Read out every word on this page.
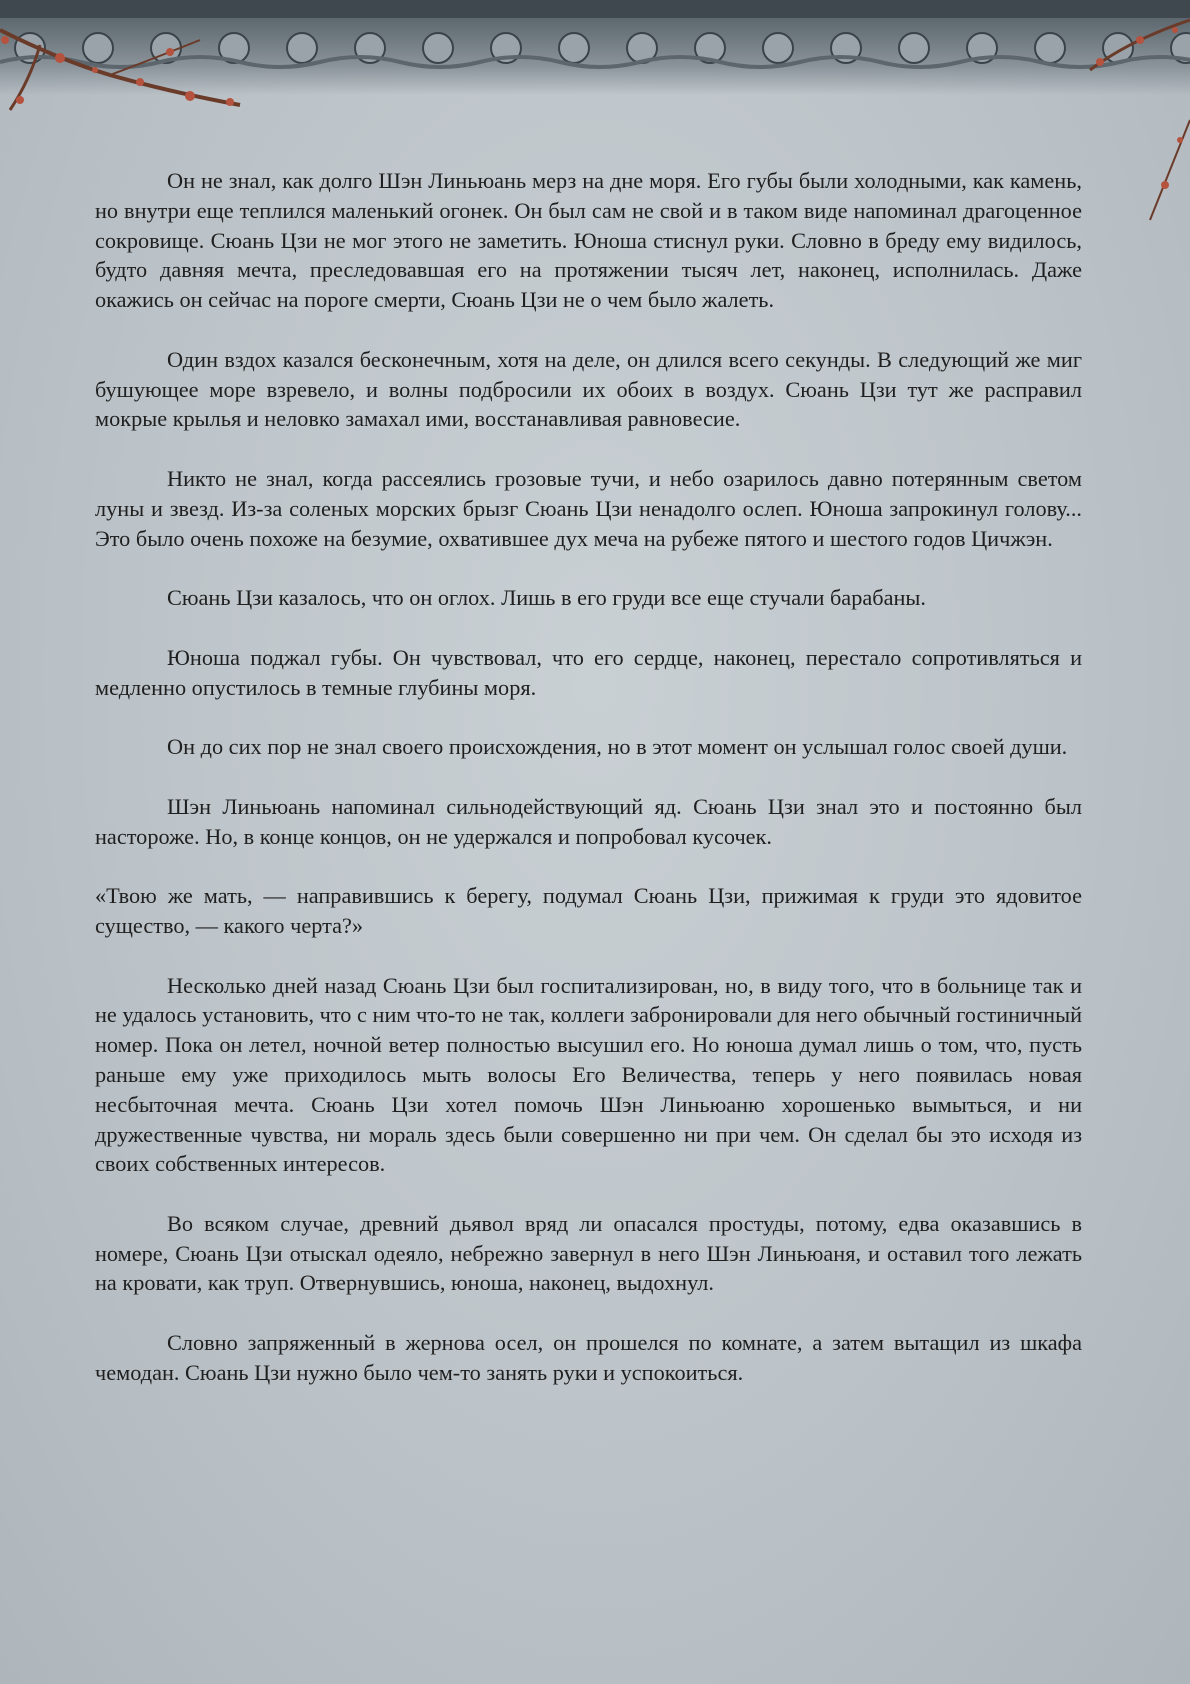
Он не знал, как долго Шэн Линьюань мерз на дне моря. Его губы были холодными, как камень, но внутри еще теплился маленький огонек. Он был сам не свой и в таком виде напоминал драгоценное сокровище. Сюань Цзи не мог этого не заметить. Юноша стиснул руки. Словно в бреду ему видилось, будто давняя мечта, преследовавшая его на протяжении тысяч лет, наконец, исполнилась. Даже окажись он сейчас на пороге смерти, Сюань Цзи не о чем было жалеть.

Один вздох казался бесконечным, хотя на деле, он длился всего секунды. В следующий же миг бушующее море взревело, и волны подбросили их обоих в воздух. Сюань Цзи тут же расправил мокрые крылья и неловко замахал ими, восстанавливая равновесие.

Никто не знал, когда рассеялись грозовые тучи, и небо озарилось давно потерянным светом луны и звезд. Из-за соленых морских брызг Сюань Цзи ненадолго ослеп. Юноша запрокинул голову... Это было очень похоже на безумие, охватившее дух меча на рубеже пятого и шестого годов Цичжэн.

Сюань Цзи казалось, что он оглох. Лишь в его груди все еще стучали барабаны.

Юноша поджал губы. Он чувствовал, что его сердце, наконец, перестало сопротивляться и медленно опустилось в темные глубины моря.

Он до сих пор не знал своего происхождения, но в этот момент он услышал голос своей души.

Шэн Линьюань напоминал сильнодействующий яд. Сюань Цзи знал это и постоянно был настороже. Но, в конце концов, он не удержался и попробовал кусочек.

«Твою же мать, — направившись к берегу, подумал Сюань Цзи, прижимая к груди это ядовитое существо, — какого черта?»

Несколько дней назад Сюань Цзи был госпитализирован, но, в виду того, что в больнице так и не удалось установить, что с ним что-то не так, коллеги забронировали для него обычный гостиничный номер. Пока он летел, ночной ветер полностью высушил его. Но юноша думал лишь о том, что, пусть раньше ему уже приходилось мыть волосы Его Величества, теперь у него появилась новая несбыточная мечта. Сюань Цзи хотел помочь Шэн Линьюаню хорошенько вымыться, и ни дружественные чувства, ни мораль здесь были совершенно ни при чем. Он сделал бы это исходя из своих собственных интересов.

Во всяком случае, древний дьявол вряд ли опасался простуды, потому, едва оказавшись в номере, Сюань Цзи отыскал одеяло, небрежно завернул в него Шэн Линьюаня, и оставил того лежать на кровати, как труп. Отвернувшись, юноша, наконец, выдохнул.

Словно запряженный в жернова осел, он прошелся по комнате, а затем вытащил из шкафа чемодан. Сюань Цзи нужно было чем-то занять руки и успокоиться.
